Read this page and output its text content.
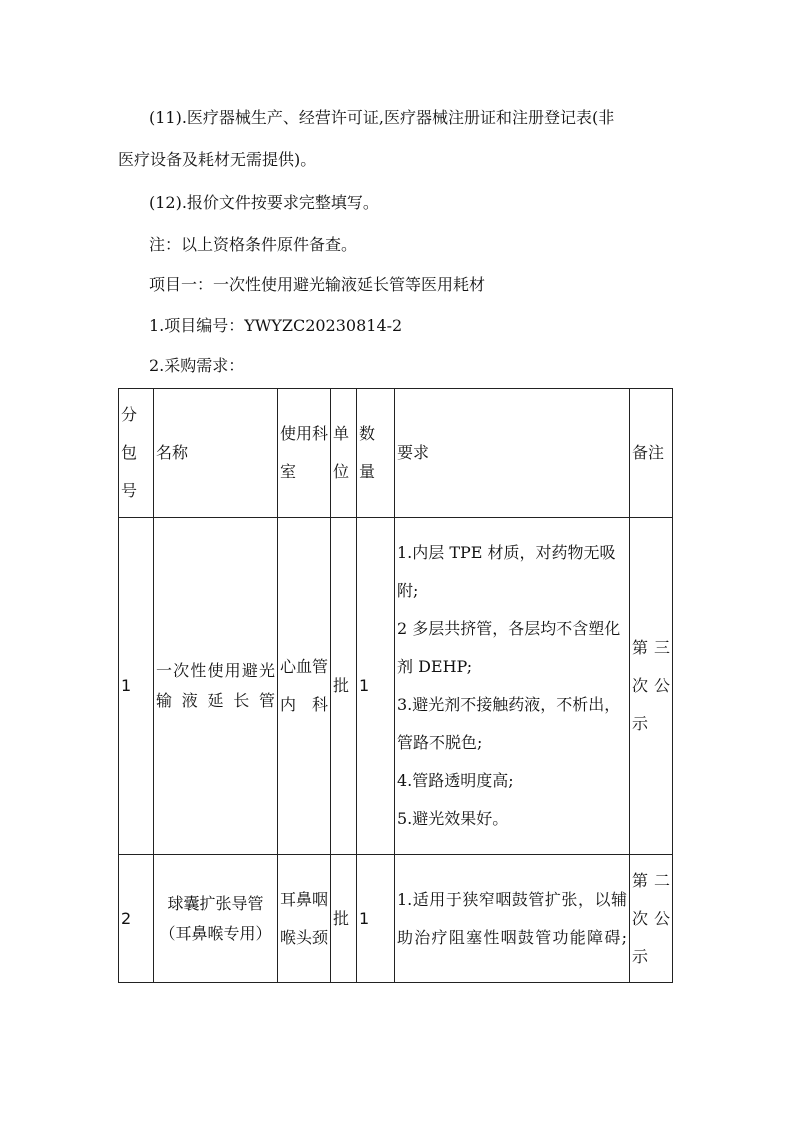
(11).医疗器械生产、经营许可证,医疗器械注册证和注册登记表(非
医疗设备及耗材无需提供)。
(12).报价文件按要求完整填写。
注：以上资格条件原件备查。
项目一：一次性使用避光输液延长管等医用耗材
1.项目编号：YWYZC20230814-2
2.采购需求：
分包号	名称	使用科室	单位	数量	要求	备注
1	一次性使用避光输液延长管	心血管内科	批	1	1.内层 TPE 材质，对药物无吸附;
2 多层共挤管，各层均不含塑化剂 DEHP;
3.避光剂不接触药液，不析出，管路不脱色;
4.管路透明度高;
5.避光效果好。	第三次公示

2	球囊扩张导管（耳鼻喉专用）	耳鼻咽喉头颈	批	1	1.适用于狭窄咽鼓管扩张，以辅助治疗阻塞性咽鼓管功能障碍;	第二次公示
